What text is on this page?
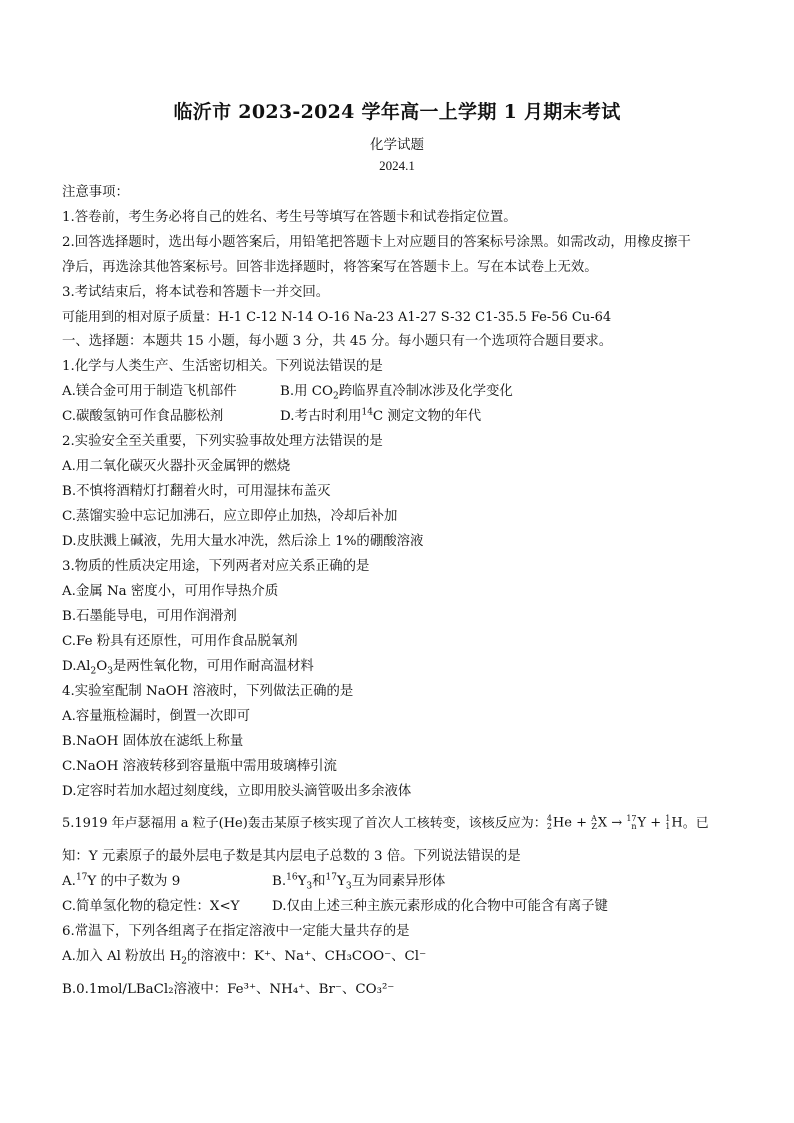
临沂市 2023-2024 学年高一上学期 1 月期末考试
化学试题
2024.1
注意事项：
1.答卷前，考生务必将自己的姓名、考生号等填写在答题卡和试卷指定位置。
2.回答选择题时，选出每小题答案后，用铅笔把答题卡上对应题目的答案标号涂黑。如需改动，用橡皮擦干
净后，再选涂其他答案标号。回答非选择题时，将答案写在答题卡上。写在本试卷上无效。
3.考试结束后，将本试卷和答题卡一并交回。
可能用到的相对原子质量：H-1 C-12 N-14 O-16 Na-23 A1-27 S-32 C1-35.5 Fe-56 Cu-64
一、选择题：本题共 15 小题，每小题 3 分，共 45 分。每小题只有一个选项符合题目要求。
1.化学与人类生产、生活密切相关。下列说法错误的是
A.镁合金可用于制造飞机部件	B.用 $CO_2$跨临界直冷制冰涉及化学变化
C.碳酸氢钠可作食品膨松剂	D.考古时利用$^{14}$C 测定文物的年代
2.实验安全至关重要，下列实验事故处理方法错误的是
A.用二氧化碳灭火器扑灭金属钾的燃烧
B.不慎将酒精灯打翻着火时，可用湿抹布盖灭
C.蒸馏实验中忘记加沸石，应立即停止加热，冷却后补加
D.皮肤溅上碱液，先用大量水冲洗，然后涂上 1%的硼酸溶液
3.物质的性质决定用途，下列两者对应关系正确的是
A.金属 Na 密度小，可用作导热介质
B.石墨能导电，可用作润滑剂
C.Fe 粉具有还原性，可用作食品脱氧剂
$D.Al_2O_3$是两性氧化物，可用作耐高温材料
4.实验室配制 NaOH 溶液时，下列做法正确的是
A.容量瓶检漏时，倒置一次即可
B.NaOH 固体放在滤纸上称量
C.NaOH 溶液转移到容量瓶中需用玻璃棒引流
D.定容时若加水超过刻度线，立即用胶头滴管吸出多余液体
5.1919 年卢瑟福用 a 粒子(He)轰击某原子核实现了首次人工核转变，该核反应为： 4
2 He + A
Z X → 17
n Y + 1
1 H。已
知：Y 元素原子的最外层电子数是其内层电子总数的 3 倍。下列说法错误的是
A.$^{17}$Y 的中子数为 9	$B.^{16}Y_3$和$^{17}Y_3$互为同素异形体
C.简单氢化物的稳定性：X<Y D.仅由上述三种主族元素形成的化合物中可能含有离子键
6.常温下，下列各组离子在指定溶液中一定能大量共存的是
A.加入 Al 粉放出 $H_2$的溶液中：K⁺、Na⁺、CH₃COO⁻、Cl⁻
B.0.1mol/LBaCl₂溶液中：Fe³⁺、NH₄⁺、Br⁻、CO₃²⁻
